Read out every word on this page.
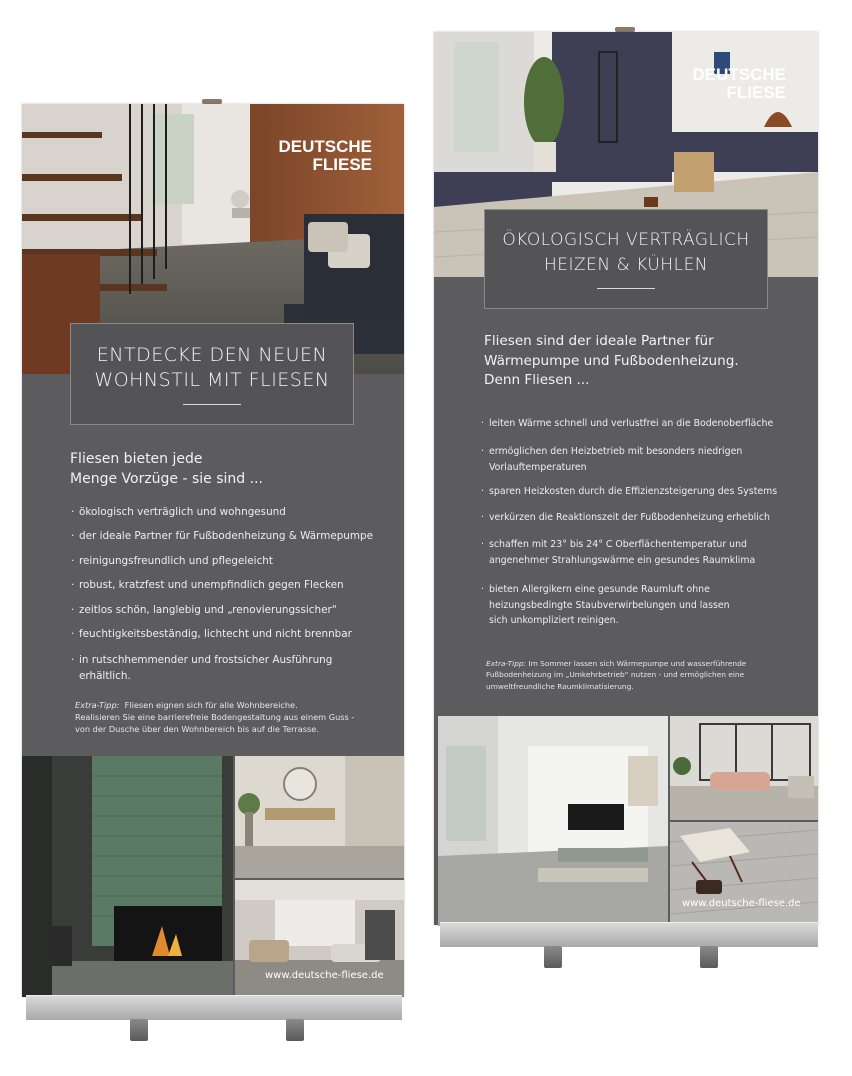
DEUTSCHE
FLIESE
ENTDECKE DEN NEUEN
WOHNSTIL MIT FLIESEN
Fliesen bieten jede
Menge Vorzüge - sie sind ...
· ökologisch verträglich und wohngesund
· der ideale Partner für Fußbodenheizung & Wärmepumpe
· reinigungsfreundlich und pflegeleicht
· robust, kratzfest und unempfindlich gegen Flecken
· zeitlos schön, langlebig und „renovierungssicher“
· feuchtigkeitsbeständig, lichtecht und nicht brennbar
· in rutschhemmender und frostsicher Ausführung
erhältlich.
Extra-Tipp: Fliesen eignen sich für alle Wohnbereiche.
Realisieren Sie eine barrierefreie Bodengestaltung aus einem Guss -
von der Dusche über den Wohnbereich bis auf die Terrasse.
www.deutsche-fliese.de
DEUTSCHE
FLIESE
ÖKOLOGISCH VERTRÄGLICH
HEIZEN & KÜHLEN
Fliesen sind der ideale Partner für
Wärmepumpe und Fußbodenheizung.
Denn Fliesen ...
· leiten Wärme schnell und verlustfrei an die Bodenoberfläche
· ermöglichen den Heizbetrieb mit besonders niedrigen
Vorlauftemperaturen
· sparen Heizkosten durch die Effizienzsteigerung des Systems
· verkürzen die Reaktionszeit der Fußbodenheizung erheblich
· schaffen mit 23° bis 24° C Oberflächentemperatur und
angenehmer Strahlungswärme ein gesundes Raumklima
· bieten Allergikern eine gesunde Raumluft ohne
heizungsbedingte Staubverwirbelungen und lassen
sich unkompliziert reinigen.
Extra-Tipp: Im Sommer lassen sich Wärmepumpe und wasserführende
Fußbodenheizung im „Umkehrbetrieb“ nutzen - und ermöglichen eine
umweltfreundliche Raumklimatisierung.
www.deutsche-fliese.de
